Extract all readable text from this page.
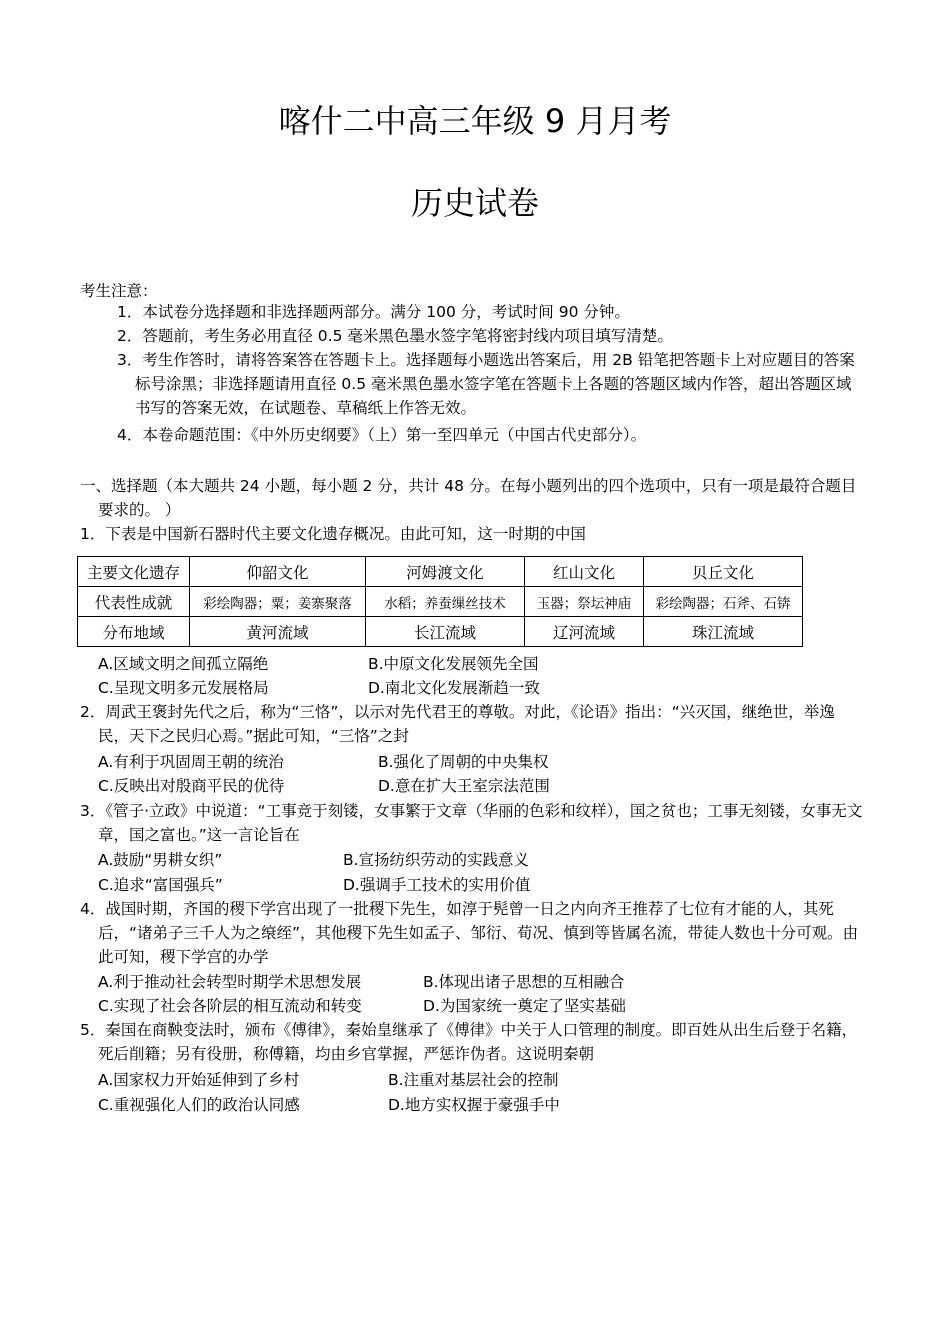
喀什二中高三年级 9 月月考
历史试卷
考生注意：
1．本试卷分选择题和非选择题两部分。满分 100 分，考试时间 90 分钟。
2．答题前，考生务必用直径 0.5 毫米黑色墨水签字笔将密封线内项目填写清楚。
3．考生作答时，请将答案答在答题卡上。选择题每小题选出答案后，用 2B 铅笔把答题卡上对应题目的答案标号涂黑；非选择题请用直径 0.5 毫米黑色墨水签字笔在答题卡上各题的答题区域内作答，超出答题区域书写的答案无效，在试题卷、草稿纸上作答无效。
4．本卷命题范围：《中外历史纲要》（上）第一至四单元（中国古代史部分）。
一、选择题（本大题共 24 小题，每小题 2 分，共计 48 分。在每小题列出的四个选项中，只有一项是最符合题目要求的。 ）
1．下表是中国新石器时代主要文化遗存概况。由此可知，这一时期的中国
主要文化遗存	仰韶文化	河姆渡文化	红山文化	贝丘文化
代表性成就	彩绘陶器；粟；姜寨聚落	水稻；养蚕缫丝技术	玉器；祭坛神庙	彩绘陶器；石斧、石锛
分布地域	黄河流域	长江流域	辽河流域	珠江流域
A.区域文明之间孤立隔绝	B.中原文化发展领先全国
C.呈现文明多元发展格局	D.南北文化发展渐趋一致
2．周武王褒封先代之后，称为“三恪”，以示对先代君王的尊敬。对此，《论语》指出：“兴灭国，继绝世，举逸民，天下之民归心焉。”据此可知，“三恪”之封
A.有利于巩固周王朝的统治	B.强化了周朝的中央集权
C.反映出对殷商平民的优待	D.意在扩大王室宗法范围
3．《管子·立政》中说道：“工事竞于刻镂，女事繁于文章（华丽的色彩和纹样），国之贫也；工事无刻镂，女事无文章，国之富也。”这一言论旨在
A.鼓励“男耕女织”	B.宣扬纺织劳动的实践意义
C.追求“富国强兵”	D.强调手工技术的实用价值
4．战国时期，齐国的稷下学宫出现了一批稷下先生，如淳于髡曾一日之内向齐王推荐了七位有才能的人，其死后，“诸弟子三千人为之缞绖”，其他稷下先生如孟子、邹衍、荀况、慎到等皆属名流，带徒人数也十分可观。由此可知，稷下学宫的办学
A.利于推动社会转型时期学术思想发展	B.体现出诸子思想的互相融合
C.实现了社会各阶层的相互流动和转变	D.为国家统一奠定了坚实基础
5．秦国在商鞅变法时，颁布《傅律》，秦始皇继承了《傅律》中关于人口管理的制度。即百姓从出生后登于名籍，死后削籍；另有役册，称傅籍，均由乡官掌握，严惩诈伪者。这说明秦朝
A.国家权力开始延伸到了乡村	B.注重对基层社会的控制
C.重视强化人们的政治认同感	D.地方实权握于豪强手中
